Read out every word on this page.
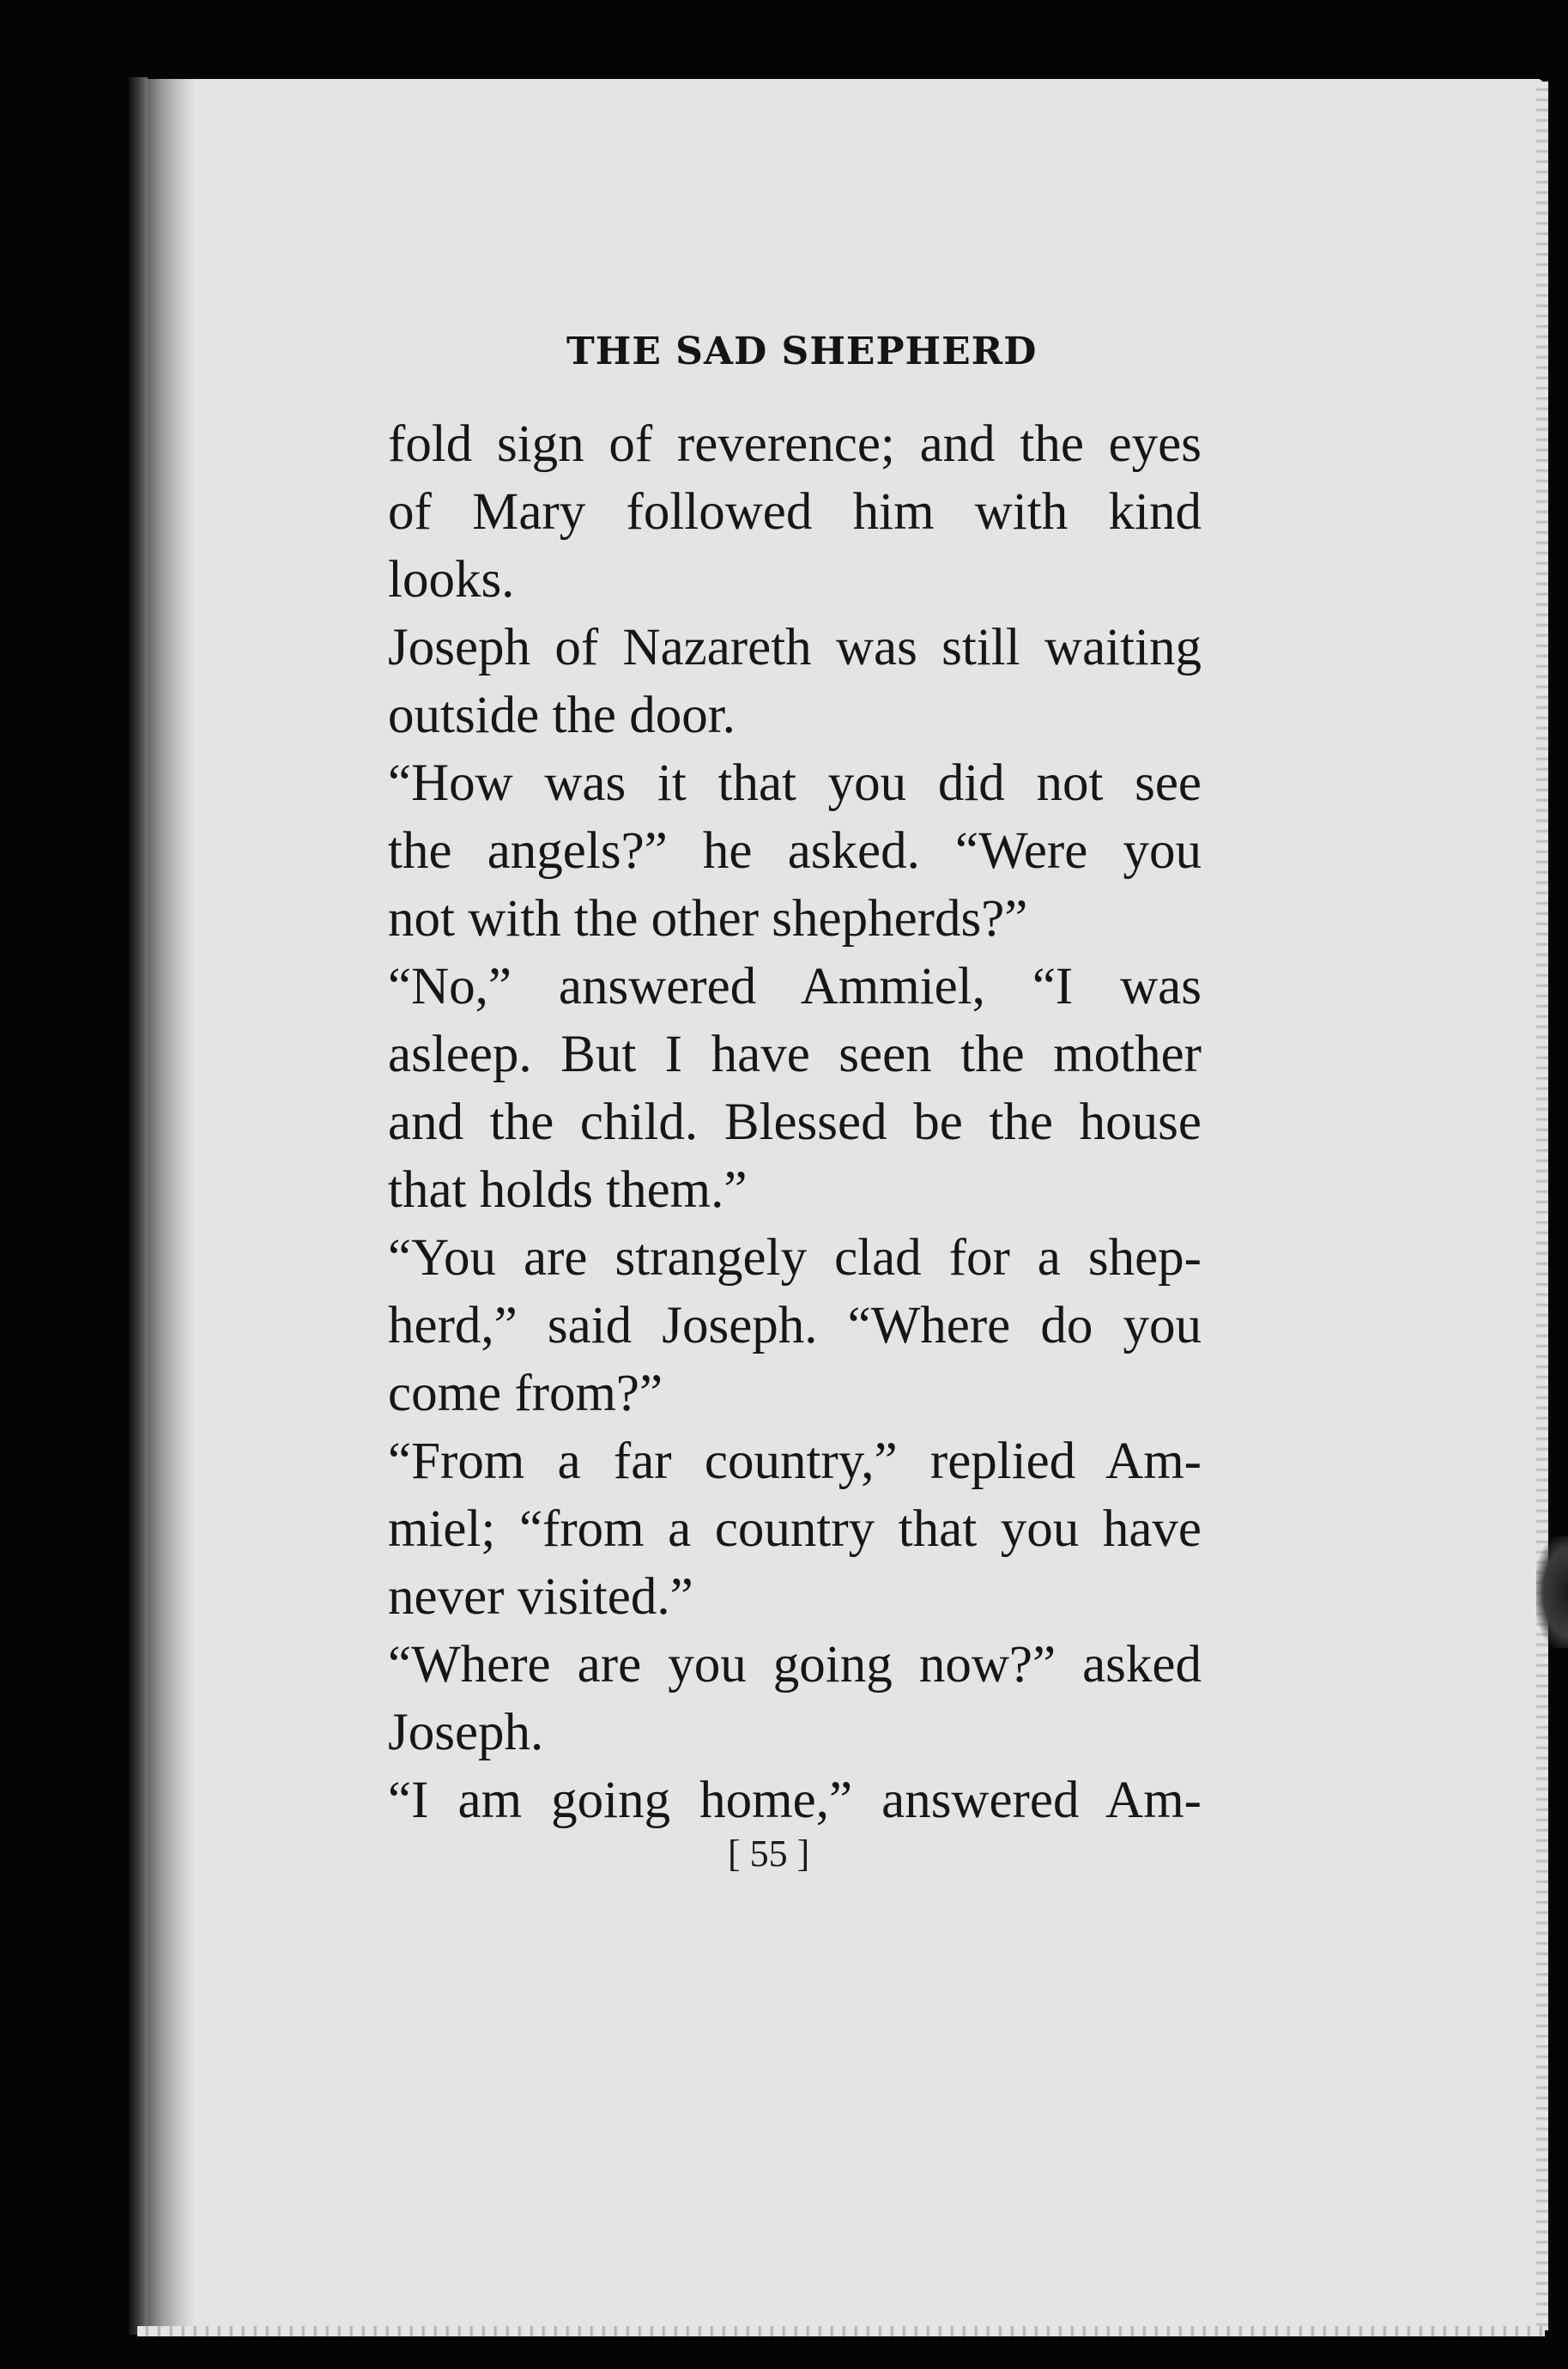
THE SAD SHEPHERD
fold sign of reverence; and the eyes
of Mary followed him with kind
looks.
Joseph of Nazareth was still waiting
outside the door.
“How was it that you did not see
the angels?” he asked. “Were you
not with the other shepherds?”
“No,” answered Ammiel, “I was
asleep. But I have seen the mother
and the child. Blessed be the house
that holds them.”
“You are strangely clad for a shep-
herd,” said Joseph. “Where do you
come from?”
“From a far country,” replied Am-
miel; “from a country that you have
never visited.”
“Where are you going now?” asked
Joseph.
“I am going home,” answered Am-
[ 55 ]
